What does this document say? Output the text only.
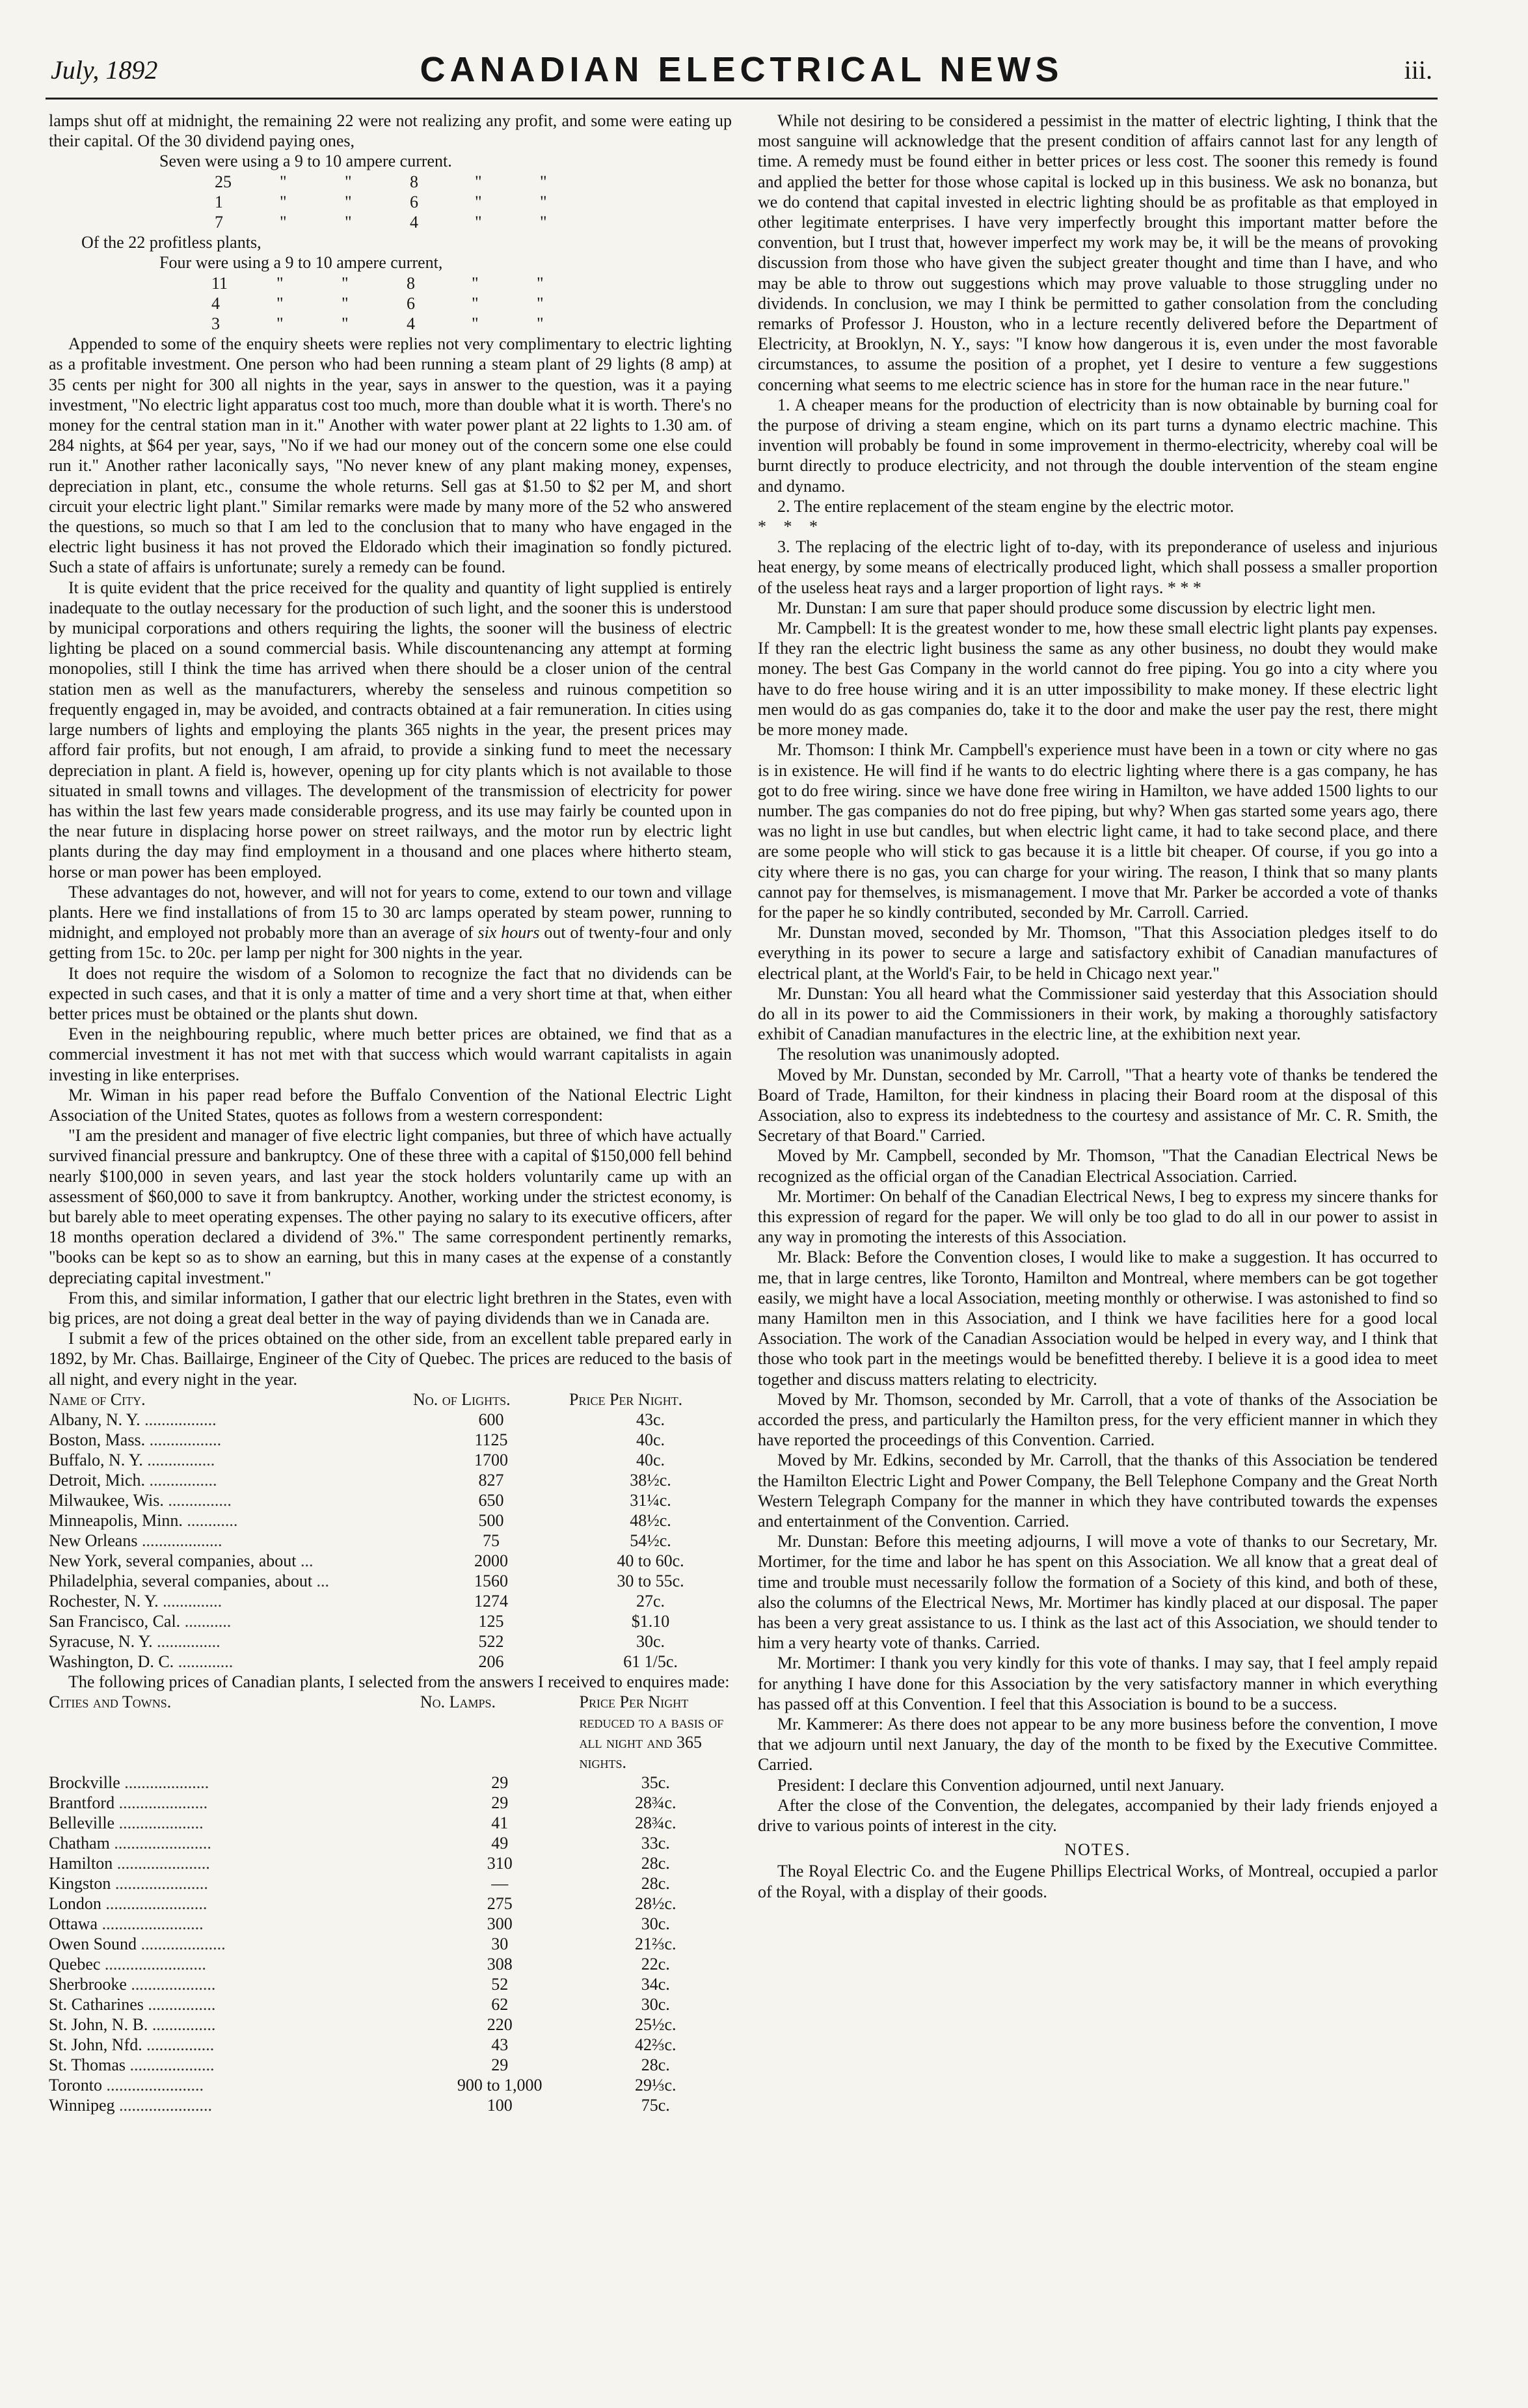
July, 1892	CANADIAN ELECTRICAL NEWS	iii.

lamps shut off at midnight, the remaining 22 were not realizing any profit, and some were eating up their capital. Of the 30 dividend paying ones,

Seven were using a 9 to 10 ampere current.

25	"	"	8	"	"
1	"	"	6	"	"
7	"	"	4	"	"

Of the 22 profitless plants,

Four were using a 9 to 10 ampere current,

11	"	"	8	"	"
4	"	"	6	"	"
3	"	"	4	"	"

Appended to some of the enquiry sheets were replies not very complimentary to electric lighting as a profitable investment. One person who had been running a steam plant of 29 lights (8 amp) at 35 cents per night for 300 all nights in the year, says in answer to the question, was it a paying investment, "No electric light apparatus cost too much, more than double what it is worth. There's no money for the central station man in it." Another with water power plant at 22 lights to 1.30 am. of 284 nights, at $64 per year, says, "No if we had our money out of the concern some one else could run it." Another rather laconically says, "No never knew of any plant making money, expenses, depreciation in plant, etc., consume the whole returns. Sell gas at $1.50 to $2 per M, and short circuit your electric light plant." Similar remarks were made by many more of the 52 who answered the questions, so much so that I am led to the conclusion that to many who have engaged in the electric light business it has not proved the Eldorado which their imagination so fondly pictured. Such a state of affairs is unfortunate; surely a remedy can be found.

It is quite evident that the price received for the quality and quantity of light supplied is entirely inadequate to the outlay necessary for the production of such light, and the sooner this is understood by municipal corporations and others requiring the lights, the sooner will the business of electric lighting be placed on a sound commercial basis. While discountenancing any attempt at forming monopolies, still I think the time has arrived when there should be a closer union of the central station men as well as the manufacturers, whereby the senseless and ruinous competition so frequently engaged in, may be avoided, and contracts obtained at a fair remuneration. In cities using large numbers of lights and employing the plants 365 nights in the year, the present prices may afford fair profits, but not enough, I am afraid, to provide a sinking fund to meet the necessary depreciation in plant. A field is, however, opening up for city plants which is not available to those situated in small towns and villages. The development of the transmission of electricity for power has within the last few years made considerable progress, and its use may fairly be counted upon in the near future in displacing horse power on street railways, and the motor run by electric light plants during the day may find employment in a thousand and one places where hitherto steam, horse or man power has been employed.

These advantages do not, however, and will not for years to come, extend to our town and village plants. Here we find installations of from 15 to 30 arc lamps operated by steam power, running to midnight, and employed not probably more than an average of six hours out of twenty-four and only getting from 15c. to 20c. per lamp per night for 300 nights in the year.

It does not require the wisdom of a Solomon to recognize the fact that no dividends can be expected in such cases, and that it is only a matter of time and a very short time at that, when either better prices must be obtained or the plants shut down.

Even in the neighbouring republic, where much better prices are obtained, we find that as a commercial investment it has not met with that success which would warrant capitalists in again investing in like enterprises.

Mr. Wiman in his paper read before the Buffalo Convention of the National Electric Light Association of the United States, quotes as follows from a western correspondent:

"I am the president and manager of five electric light companies, but three of which have actually survived financial pressure and bankruptcy. One of these three with a capital of $150,000 fell behind nearly $100,000 in seven years, and last year the stock holders voluntarily came up with an assessment of $60,000 to save it from bankruptcy. Another, working under the strictest economy, is but barely able to meet operating expenses. The other paying no salary to its executive officers, after 18 months operation declared a dividend of 3%." The same correspondent pertinently remarks, "books can be kept so as to show an earning, but this in many cases at the expense of a constantly depreciating capital investment."

From this, and similar information, I gather that our electric light brethren in the States, even with big prices, are not doing a great deal better in the way of paying dividends than we in Canada are.

I submit a few of the prices obtained on the other side, from an excellent table prepared early in 1892, by Mr. Chas. Baillairge, Engineer of the City of Quebec. The prices are reduced to the basis of all night, and every night in the year.

Name of City.	No. of Lights.	Price Per Night.
Albany, N. Y. .................	600	43c.
Boston, Mass. .................	1125	40c.
Buffalo, N. Y. ................	1700	40c.
Detroit, Mich. ................	827	38½c.
Milwaukee, Wis. ...............	650	31¼c.
Minneapolis, Minn. ............	500	48½c.
New Orleans ...................	75	54½c.
New York, several companies, about ...	2000	40 to 60c.
Philadelphia, several companies, about ...	1560	30 to 55c.
Rochester, N. Y. ..............	1274	27c.
San Francisco, Cal. ...........	125	$1.10
Syracuse, N. Y. ...............	522	30c.
Washington, D. C. .............	206	61 1/5c.

The following prices of Canadian plants, I selected from the answers I received to enquires made:

Cities and Towns.	No. Lamps.	Price Per Night reduced to a basis of all night and 365 nights.
Brockville ....................	29	35c.
Brantford .....................	29	28¾c.
Belleville ....................	41	28¾c.
Chatham .......................	49	33c.
Hamilton ......................	310	28c.
Kingston ......................	—	28c.
London ........................	275	28½c.
Ottawa ........................	300	30c.
Owen Sound ....................	30	21⅔c.
Quebec ........................	308	22c.
Sherbrooke ....................	52	34c.
St. Catharines ................	62	30c.
St. John, N. B. ...............	220	25½c.
St. John, Nfd. ................	43	42⅔c.
St. Thomas ....................	29	28c.
Toronto .......................	900 to 1,000	29⅓c.
Winnipeg ......................	100	75c.

While not desiring to be considered a pessimist in the matter of electric lighting, I think that the most sanguine will acknowledge that the present condition of affairs cannot last for any length of time. A remedy must be found either in better prices or less cost. The sooner this remedy is found and applied the better for those whose capital is locked up in this business. We ask no bonanza, but we do contend that capital invested in electric lighting should be as profitable as that employed in other legitimate enterprises. I have very imperfectly brought this important matter before the convention, but I trust that, however imperfect my work may be, it will be the means of provoking discussion from those who have given the subject greater thought and time than I have, and who may be able to throw out suggestions which may prove valuable to those struggling under no dividends. In conclusion, we may I think be permitted to gather consolation from the concluding remarks of Professor J. Houston, who in a lecture recently delivered before the Department of Electricity, at Brooklyn, N. Y., says: "I know how dangerous it is, even under the most favorable circumstances, to assume the position of a prophet, yet I desire to venture a few suggestions concerning what seems to me electric science has in store for the human race in the near future."

1. A cheaper means for the production of electricity than is now obtainable by burning coal for the purpose of driving a steam engine, which on its part turns a dynamo electric machine. This invention will probably be found in some improvement in thermo-electricity, whereby coal will be burnt directly to produce electricity, and not through the double intervention of the steam engine and dynamo.

2. The entire replacement of the steam engine by the electric motor.

* * *

3. The replacing of the electric light of to-day, with its preponderance of useless and injurious heat energy, by some means of electrically produced light, which shall possess a smaller proportion of the useless heat rays and a larger proportion of light rays. * * *

Mr. Dunstan: I am sure that paper should produce some discussion by electric light men.

Mr. Campbell: It is the greatest wonder to me, how these small electric light plants pay expenses. If they ran the electric light business the same as any other business, no doubt they would make money. The best Gas Company in the world cannot do free piping. You go into a city where you have to do free house wiring and it is an utter impossibility to make money. If these electric light men would do as gas companies do, take it to the door and make the user pay the rest, there might be more money made.

Mr. Thomson: I think Mr. Campbell's experience must have been in a town or city where no gas is in existence. He will find if he wants to do electric lighting where there is a gas company, he has got to do free wiring. since we have done free wiring in Hamilton, we have added 1500 lights to our number. The gas companies do not do free piping, but why? When gas started some years ago, there was no light in use but candles, but when electric light came, it had to take second place, and there are some people who will stick to gas because it is a little bit cheaper. Of course, if you go into a city where there is no gas, you can charge for your wiring. The reason, I think that so many plants cannot pay for themselves, is mismanagement. I move that Mr. Parker be accorded a vote of thanks for the paper he so kindly contributed, seconded by Mr. Carroll. Carried.

Mr. Dunstan moved, seconded by Mr. Thomson, "That this Association pledges itself to do everything in its power to secure a large and satisfactory exhibit of Canadian manufactures of electrical plant, at the World's Fair, to be held in Chicago next year."

Mr. Dunstan: You all heard what the Commissioner said yesterday that this Association should do all in its power to aid the Commissioners in their work, by making a thoroughly satisfactory exhibit of Canadian manufactures in the electric line, at the exhibition next year.

The resolution was unanimously adopted.

Moved by Mr. Dunstan, seconded by Mr. Carroll, "That a hearty vote of thanks be tendered the Board of Trade, Hamilton, for their kindness in placing their Board room at the disposal of this Association, also to express its indebtedness to the courtesy and assistance of Mr. C. R. Smith, the Secretary of that Board." Carried.

Moved by Mr. Campbell, seconded by Mr. Thomson, "That the Canadian Electrical News be recognized as the official organ of the Canadian Electrical Association. Carried.

Mr. Mortimer: On behalf of the Canadian Electrical News, I beg to express my sincere thanks for this expression of regard for the paper. We will only be too glad to do all in our power to assist in any way in promoting the interests of this Association.

Mr. Black: Before the Convention closes, I would like to make a suggestion. It has occurred to me, that in large centres, like Toronto, Hamilton and Montreal, where members can be got together easily, we might have a local Association, meeting monthly or otherwise. I was astonished to find so many Hamilton men in this Association, and I think we have facilities here for a good local Association. The work of the Canadian Association would be helped in every way, and I think that those who took part in the meetings would be benefitted thereby. I believe it is a good idea to meet together and discuss matters relating to electricity.

Moved by Mr. Thomson, seconded by Mr. Carroll, that a vote of thanks of the Association be accorded the press, and particularly the Hamilton press, for the very efficient manner in which they have reported the proceedings of this Convention. Carried.

Moved by Mr. Edkins, seconded by Mr. Carroll, that the thanks of this Association be tendered the Hamilton Electric Light and Power Company, the Bell Telephone Company and the Great North Western Telegraph Company for the manner in which they have contributed towards the expenses and entertainment of the Convention. Carried.

Mr. Dunstan: Before this meeting adjourns, I will move a vote of thanks to our Secretary, Mr. Mortimer, for the time and labor he has spent on this Association. We all know that a great deal of time and trouble must necessarily follow the formation of a Society of this kind, and both of these, also the columns of the Electrical News, Mr. Mortimer has kindly placed at our disposal. The paper has been a very great assistance to us. I think as the last act of this Association, we should tender to him a very hearty vote of thanks. Carried.

Mr. Mortimer: I thank you very kindly for this vote of thanks. I may say, that I feel amply repaid for anything I have done for this Association by the very satisfactory manner in which everything has passed off at this Convention. I feel that this Association is bound to be a success.

Mr. Kammerer: As there does not appear to be any more business before the convention, I move that we adjourn until next January, the day of the month to be fixed by the Executive Committee. Carried.

President: I declare this Convention adjourned, until next January.

After the close of the Convention, the delegates, accompanied by their lady friends enjoyed a drive to various points of interest in the city.

NOTES.

The Royal Electric Co. and the Eugene Phillips Electrical Works, of Montreal, occupied a parlor of the Royal, with a display of their goods.
